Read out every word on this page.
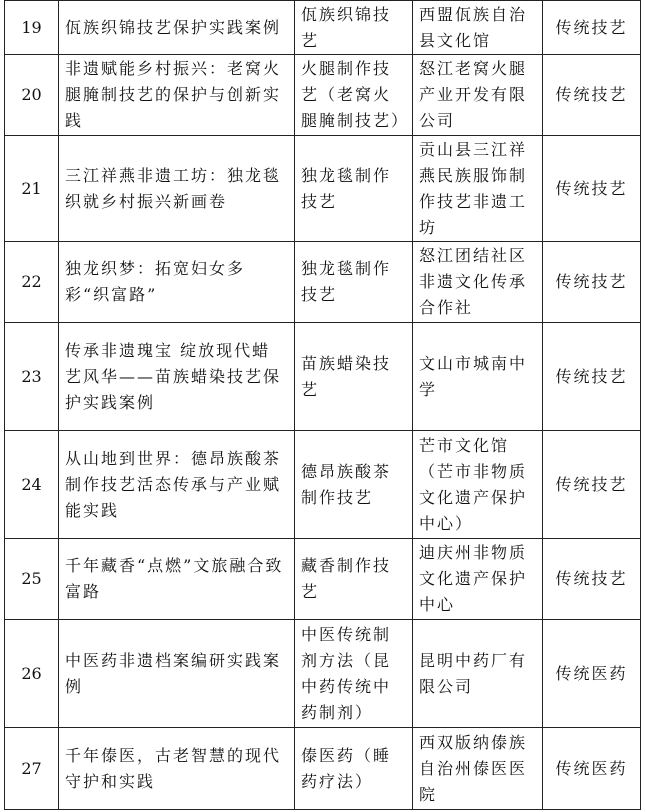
19	佤族织锦技艺保护实践案例	佤族织锦技艺	西盟佤族自治县文化馆	传统技艺
20	非遗赋能乡村振兴：老窝火腿腌制技艺的保护与创新实践	火腿制作技艺（老窝火腿腌制技艺）	怒江老窝火腿产业开发有限公司	传统技艺
21	三江祥燕非遗工坊：独龙毯织就乡村振兴新画卷	独龙毯制作技艺	贡山县三江祥燕民族服饰制作技艺非遗工坊	传统技艺
22	独龙织梦：拓宽妇女多彩“织富路”	独龙毯制作技艺	怒江团结社区非遗文化传承合作社	传统技艺
23	传承非遗瑰宝 绽放现代蜡艺风华——苗族蜡染技艺保护实践案例	苗族蜡染技艺	文山市城南中学	传统技艺
24	从山地到世界：德昂族酸茶制作技艺活态传承与产业赋能实践	德昂族酸茶制作技艺	芒市文化馆（芒市非物质文化遗产保护中心）	传统技艺
25	千年藏香“点燃”文旅融合致富路	藏香制作技艺	迪庆州非物质文化遗产保护中心	传统技艺
26	中医药非遗档案编研实践案例	中医传统制剂方法（昆中药传统中药制剂）	昆明中药厂有限公司	传统医药
27	千年傣医，古老智慧的现代守护和实践	傣医药（睡药疗法）	西双版纳傣族自治州傣医医院	传统医药
